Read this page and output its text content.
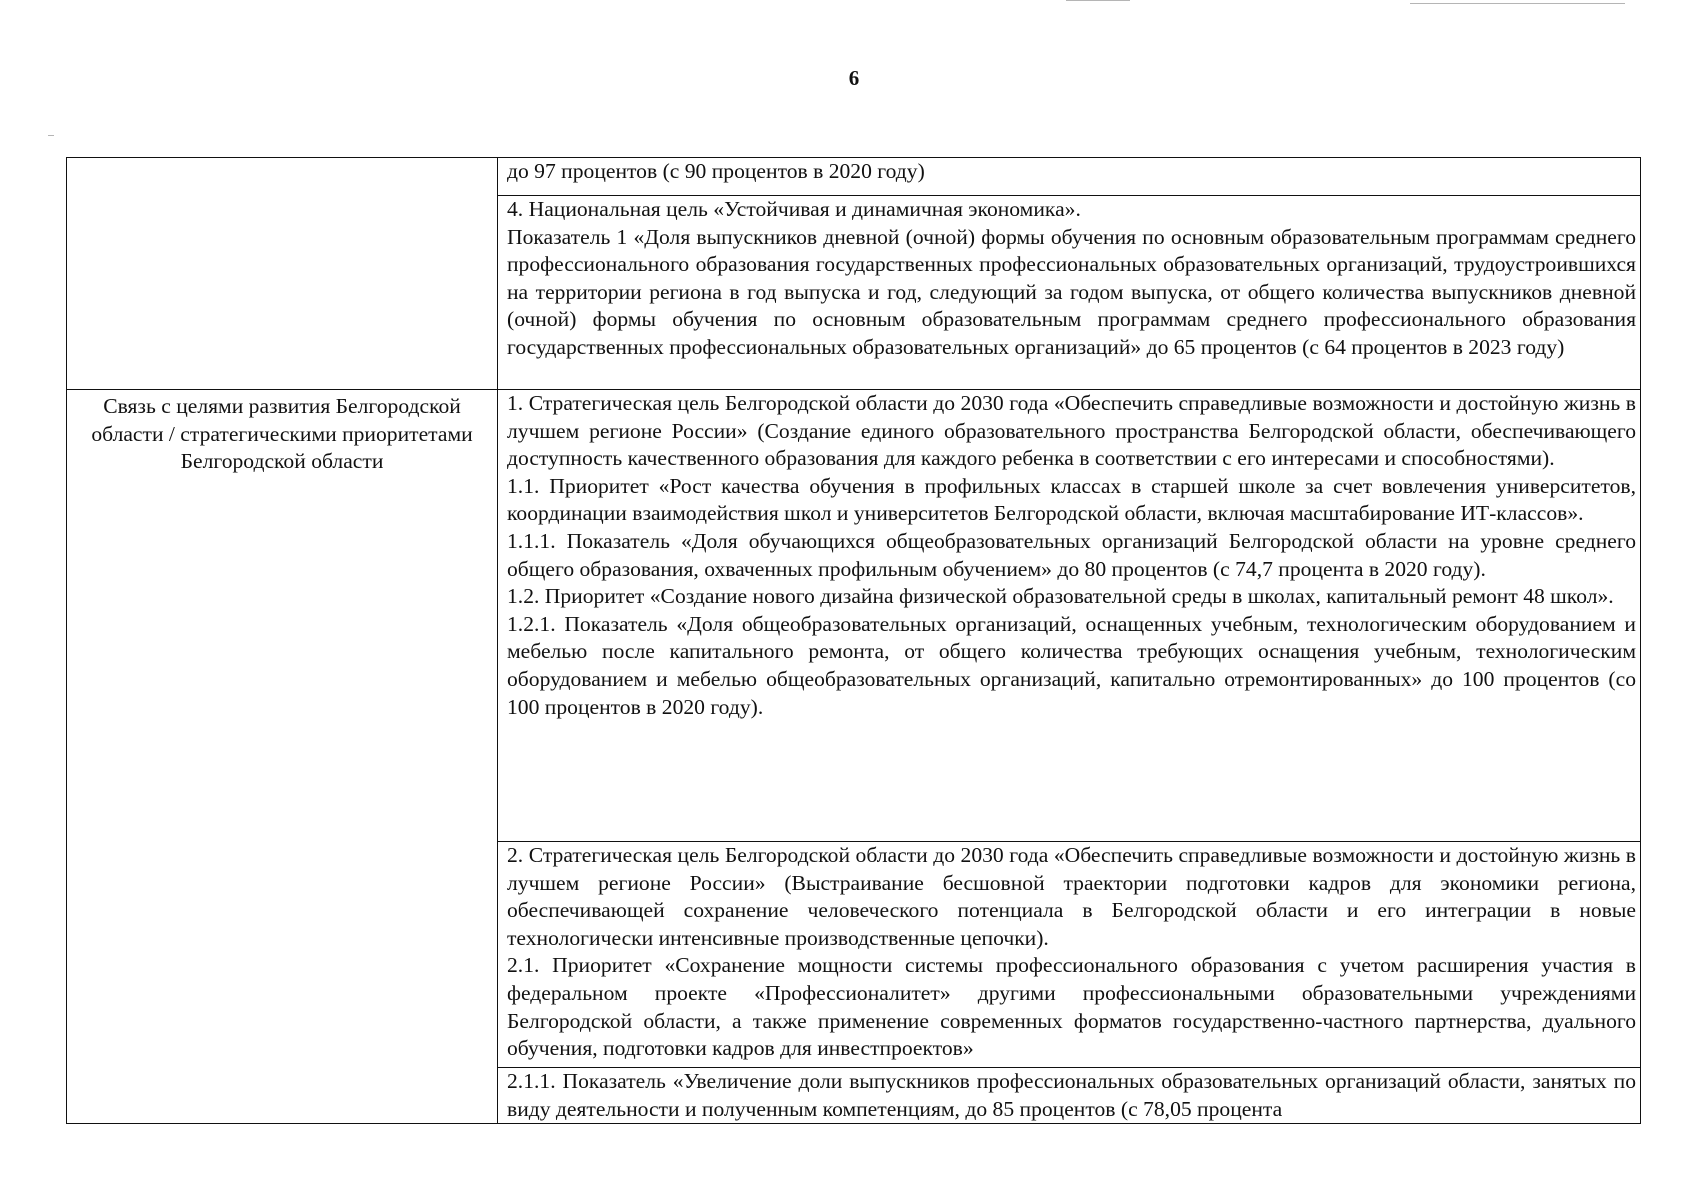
6

	до 97 процентов (с 90 процентов в 2020 году)

	4. Национальная цель «Устойчивая и динамичная экономика».

Показатель 1 «Доля выпускников дневной (очной) формы обучения по основным образовательным программам среднего профессионального образования государственных профессиональных образовательных организаций, трудоустроившихся на территории региона в год выпуска и год, следующий за годом выпуска, от общего количества выпускников дневной (очной) формы обучения по основным образовательным программам среднего профессионального образования государственных профессиональных образовательных организаций» до 65 процентов (с 64 процентов в 2023 году)

Связь с целями развития Белгородской области / стратегическими приоритетами Белгородской области	1. Стратегическая цель Белгородской области до 2030 года «Обеспечить справедливые возможности и достойную жизнь в лучшем регионе России» (Создание единого образовательного пространства Белгородской области, обеспечивающего доступность качественного образования для каждого ребенка в соответствии с его интересами и способностями).

1.1. Приоритет «Рост качества обучения в профильных классах в старшей школе за счет вовлечения университетов, координации взаимодействия школ и университетов Белгородской области, включая масштабирование ИТ-классов».

1.1.1. Показатель «Доля обучающихся общеобразовательных организаций Белгородской области на уровне среднего общего образования, охваченных профильным обучением» до 80 процентов (с 74,7 процента в 2020 году).

1.2. Приоритет «Создание нового дизайна физической образовательной среды в школах, капитальный ремонт 48 школ».

1.2.1. Показатель «Доля общеобразовательных организаций, оснащенных учебным, технологическим оборудованием и мебелью после капитального ремонта, от общего количества требующих оснащения учебным, технологическим оборудованием и мебелью общеобразовательных организаций, капитально отремонтированных» до 100 процентов (со 100 процентов в 2020 году).

	2. Стратегическая цель Белгородской области до 2030 года «Обеспечить справедливые возможности и достойную жизнь в лучшем регионе России» (Выстраивание бесшовной траектории подготовки кадров для экономики региона, обеспечивающей сохранение человеческого потенциала в Белгородской области и его интеграции в новые технологически интенсивные производственные цепочки).

2.1. Приоритет «Сохранение мощности системы профессионального образования с учетом расширения участия в федеральном проекте «Профессионалитет» другими профессиональными образовательными учреждениями Белгородской области, а также применение современных форматов государственно-частного партнерства, дуального обучения, подготовки кадров для инвестпроектов»

	2.1.1. Показатель «Увеличение доли выпускников профессиональных образовательных организаций области, занятых по виду деятельности и полученным компетенциям, до 85 процентов (с 78,05 процента
